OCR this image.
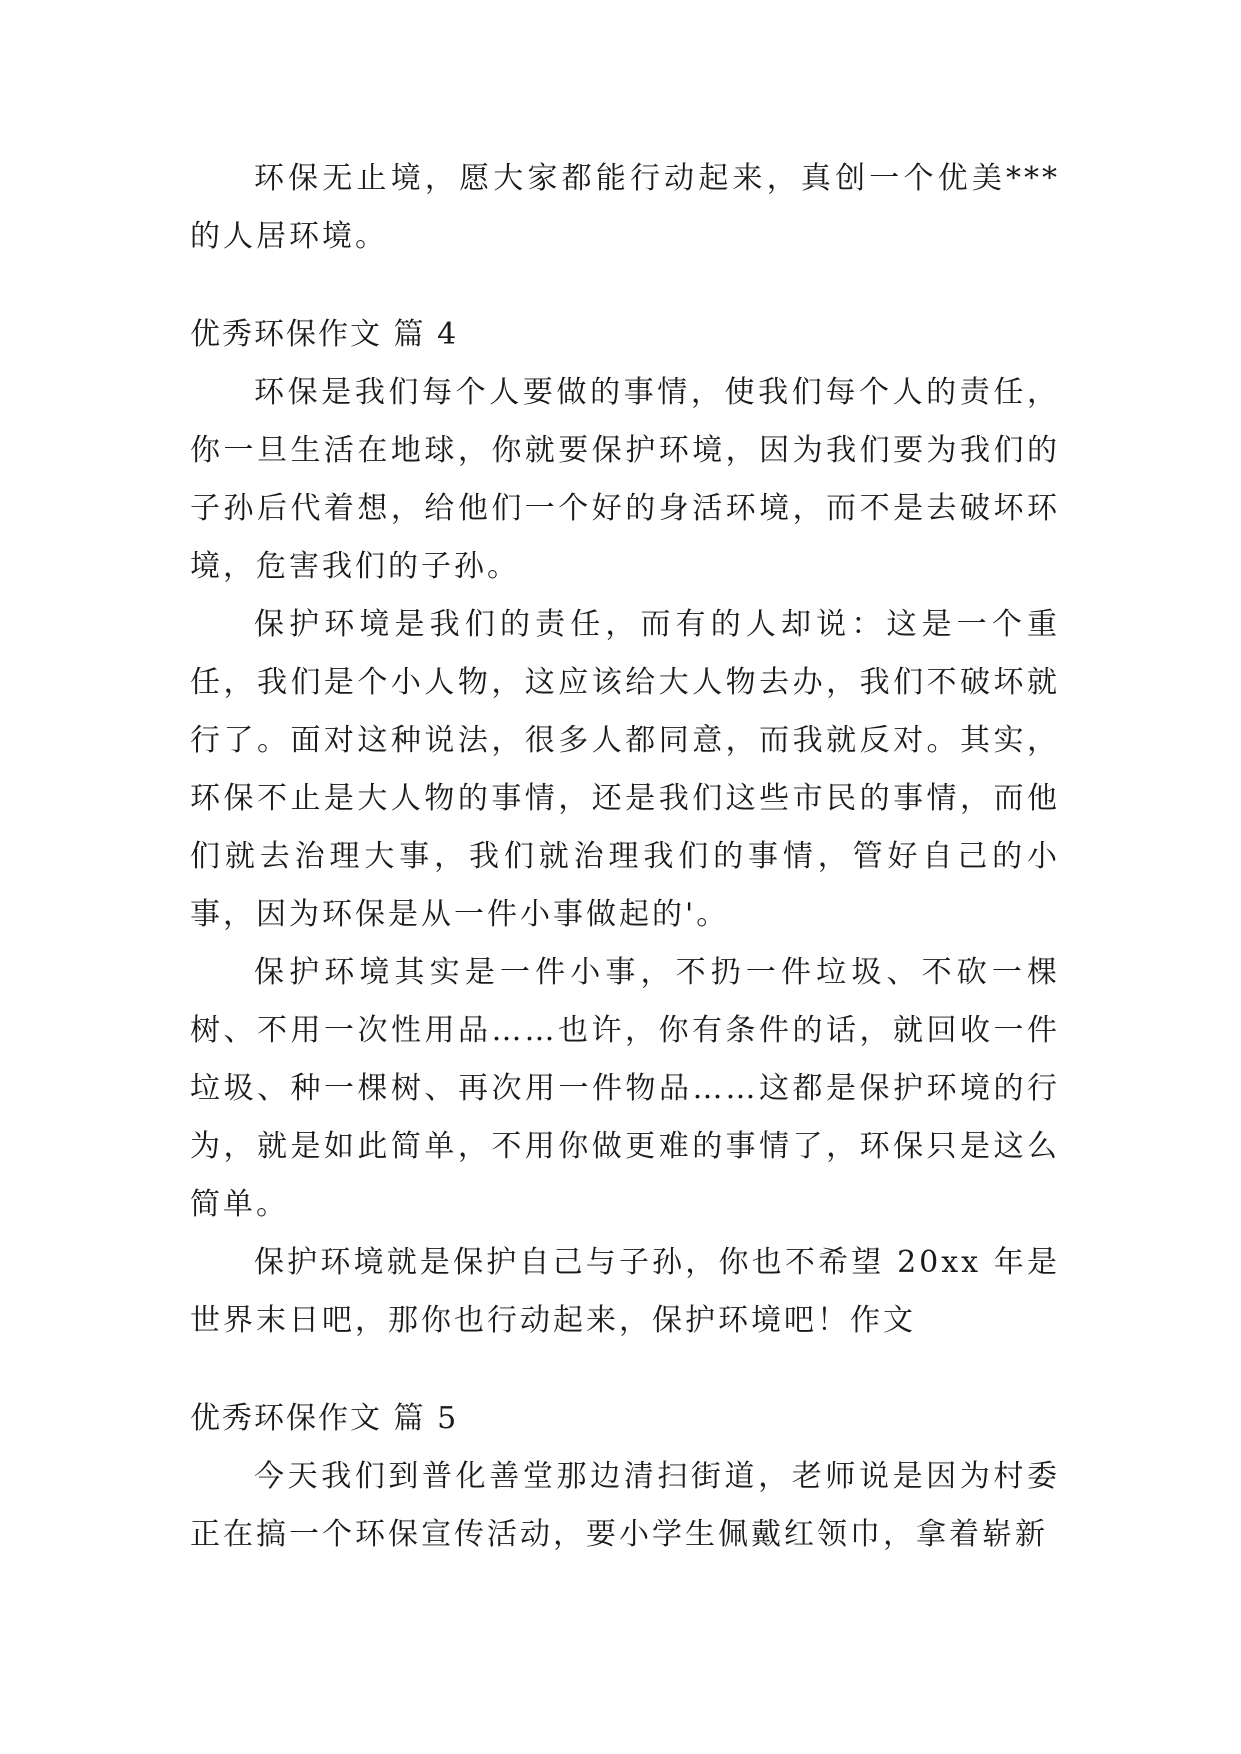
环保无止境，愿大家都能行动起来，真创一个优美***的人居环境。

优秀环保作文 篇 4

环保是我们每个人要做的事情，使我们每个人的责任，你一旦生活在地球，你就要保护环境，因为我们要为我们的子孙后代着想，给他们一个好的身活环境，而不是去破坏环境，危害我们的子孙。

保护环境是我们的责任，而有的人却说：这是一个重任，我们是个小人物，这应该给大人物去办，我们不破坏就行了。面对这种说法，很多人都同意，而我就反对。其实，环保不止是大人物的事情，还是我们这些市民的事情，而他们就去治理大事，我们就治理我们的事情，管好自己的小事，因为环保是从一件小事做起的'。

保护环境其实是一件小事，不扔一件垃圾、不砍一棵树、不用一次性用品……也许，你有条件的话，就回收一件垃圾、种一棵树、再次用一件物品……这都是保护环境的行为，就是如此简单，不用你做更难的事情了，环保只是这么简单。

保护环境就是保护自己与子孙，你也不希望 20xx 年是世界末日吧，那你也行动起来，保护环境吧！作文

优秀环保作文 篇 5

今天我们到普化善堂那边清扫街道，老师说是因为村委正在搞一个环保宣传活动，要小学生佩戴红领巾，拿着崭新
